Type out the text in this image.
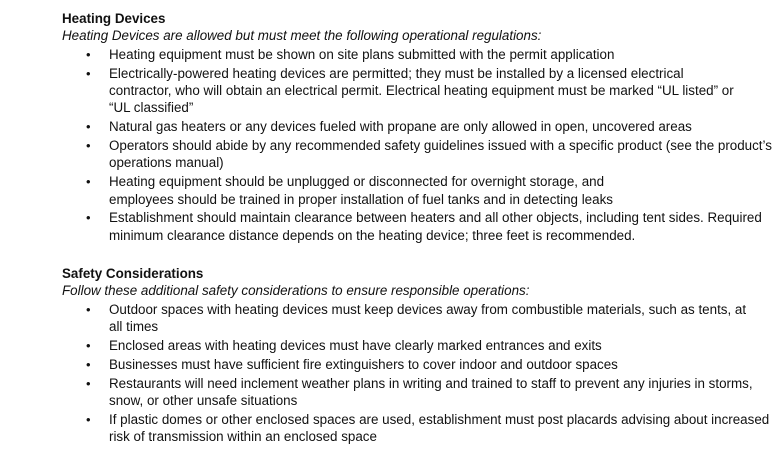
Heating Devices

Heating Devices are allowed but must meet the following operational regulations:

• Heating equipment must be shown on site plans submitted with the permit application
• Electrically-powered heating devices are permitted; they must be installed by a licensed electrical contractor, who will obtain an electrical permit. Electrical heating equipment must be marked “UL listed” or “UL classified”
• Natural gas heaters or any devices fueled with propane are only allowed in open, uncovered areas
• Operators should abide by any recommended safety guidelines issued with a specific product (see the product’s operations manual)
• Heating equipment should be unplugged or disconnected for overnight storage, and employees should be trained in proper installation of fuel tanks and in detecting leaks
• Establishment should maintain clearance between heaters and all other objects, including tent sides. Required minimum clearance distance depends on the heating device; three feet is recommended.

Safety Considerations

Follow these additional safety considerations to ensure responsible operations:

• Outdoor spaces with heating devices must keep devices away from combustible materials, such as tents, at all times
• Enclosed areas with heating devices must have clearly marked entrances and exits
• Businesses must have sufficient fire extinguishers to cover indoor and outdoor spaces
• Restaurants will need inclement weather plans in writing and trained to staff to prevent any injuries in storms, snow, or other unsafe situations
• If plastic domes or other enclosed spaces are used, establishment must post placards advising about increased risk of transmission within an enclosed space
